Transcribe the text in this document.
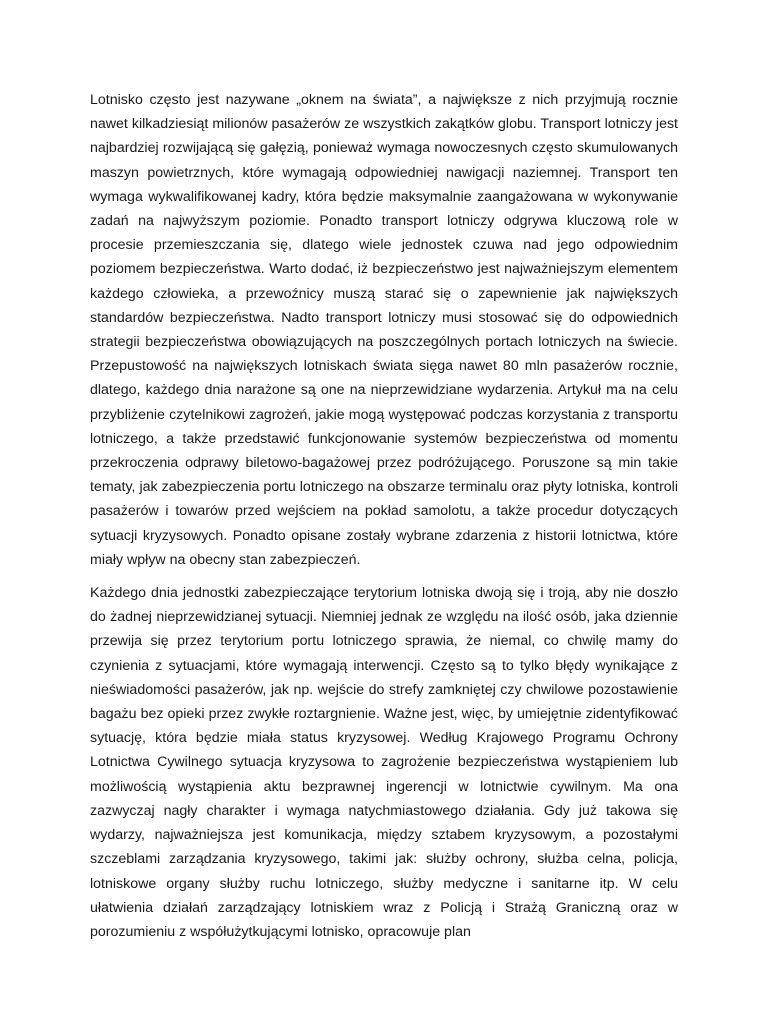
Lotnisko często jest nazywane „oknem na świata”, a największe z nich przyjmują rocznie nawet kilkadziesiąt milionów pasażerów ze wszystkich zakątków globu. Transport lotniczy jest najbardziej rozwijającą się gałęzią, ponieważ wymaga nowoczesnych często skumulowanych maszyn powietrznych, które wymagają odpowiedniej nawigacji naziemnej. Transport ten wymaga wykwalifikowanej kadry, która będzie maksymalnie zaangażowana w wykonywanie zadań na najwyższym poziomie. Ponadto transport lotniczy odgrywa kluczową role w procesie przemieszczania się, dlatego wiele jednostek czuwa nad jego odpowiednim poziomem bezpieczeństwa. Warto dodać, iż bezpieczeństwo jest najważniejszym elementem każdego człowieka, a przewoźnicy muszą starać się o zapewnienie jak największych standardów bezpieczeństwa. Nadto transport lotniczy musi stosować się do odpowiednich strategii bezpieczeństwa obowiązujących na poszczególnych portach lotniczych na świecie. Przepustowość na największych lotniskach świata sięga nawet 80 mln pasażerów rocznie, dlatego, każdego dnia narażone są one na nieprzewidziane wydarzenia. Artykuł ma na celu przybliżenie czytelnikowi zagrożeń, jakie mogą występować podczas korzystania z transportu lotniczego, a także przedstawić funkcjonowanie systemów bezpieczeństwa od momentu przekroczenia odprawy biletowo-bagażowej przez podróżującego. Poruszone są min takie tematy, jak zabezpieczenia portu lotniczego na obszarze terminalu oraz płyty lotniska, kontroli pasażerów i towarów przed wejściem na pokład samolotu, a także procedur dotyczących sytuacji kryzysowych. Ponadto opisane zostały wybrane zdarzenia z historii lotnictwa, które miały wpływ na obecny stan zabezpieczeń.

Każdego dnia jednostki zabezpieczające terytorium lotniska dwoją się i troją, aby nie doszło do żadnej nieprzewidzianej sytuacji. Niemniej jednak ze względu na ilość osób, jaka dziennie przewija się przez terytorium portu lotniczego sprawia, że niemal, co chwilę mamy do czynienia z sytuacjami, które wymagają interwencji. Często są to tylko błędy wynikające z nieświadomości pasażerów, jak np. wejście do strefy zamkniętej czy chwilowe pozostawienie bagażu bez opieki przez zwykłe roztargnienie. Ważne jest, więc, by umiejętnie zidentyfikować sytuację, która będzie miała status kryzysowej. Według Krajowego Programu Ochrony Lotnictwa Cywilnego sytuacja kryzysowa to zagrożenie bezpieczeństwa wystąpieniem lub możliwością wystąpienia aktu bezprawnej ingerencji w lotnictwie cywilnym. Ma ona zazwyczaj nagły charakter i wymaga natychmiastowego działania. Gdy już takowa się wydarzy, najważniejsza jest komunikacja, między sztabem kryzysowym, a pozostałymi szczeblami zarządzania kryzysowego, takimi jak: służby ochrony, służba celna, policja, lotniskowe organy służby ruchu lotniczego, służby medyczne i sanitarne itp. W celu ułatwienia działań zarządzający lotniskiem wraz z Policją i Strażą Graniczną oraz w porozumieniu z współużytkującymi lotnisko, opracowuje plan
